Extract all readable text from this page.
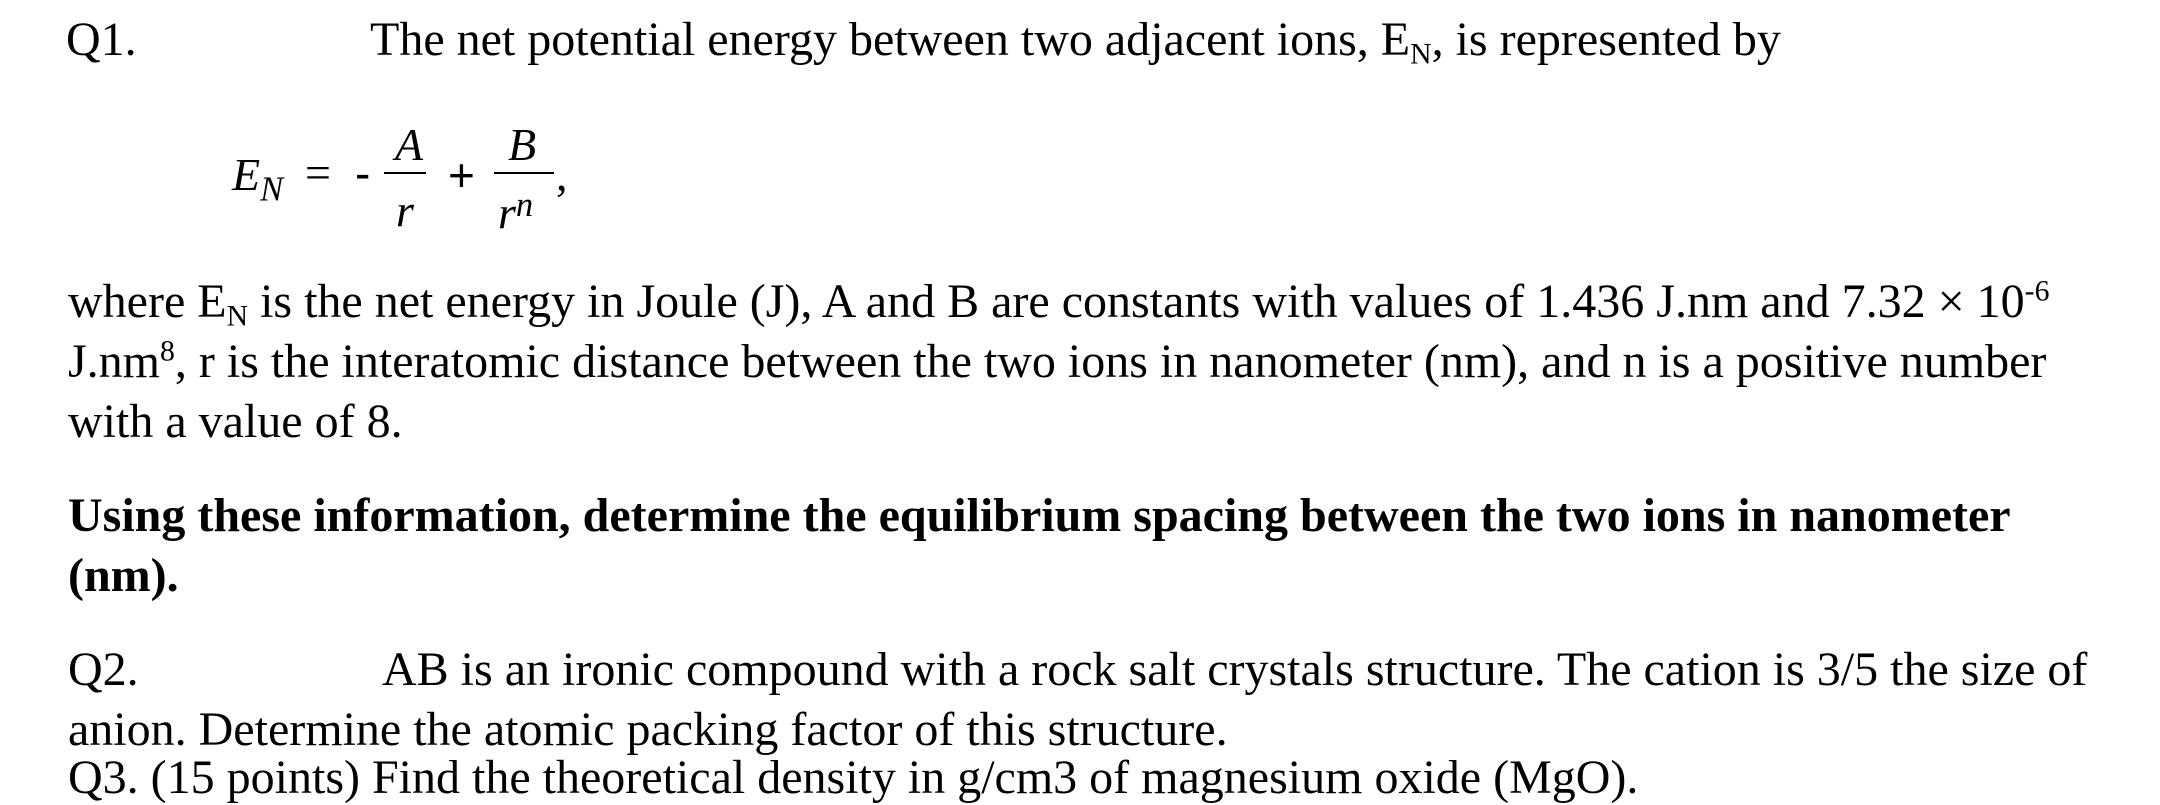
Q1.	The net potential energy between two adjacent ions, $E_N$, is represented by
$E_N$ = -
A
r
+
B
$r^n$
,
where $E_N$ is the net energy in Joule (J), A and B are constants with values of 1.436 J.nm and $7.32 \times 10^{-6}$
$J.nm^8$, r is the interatomic distance between the two ions in nanometer (nm), and n is a positive number
with a value of 8.
Using these information, determine the equilibrium spacing between the two ions in nanometer
(nm).
Q2.	AB is an ironic compound with a rock salt crystals structure. The cation is 3/5 the size of
anion. Determine the atomic packing factor of this structure.
Q3. (15 points) Find the theoretical density in g/cm3 of magnesium oxide (MgO).
